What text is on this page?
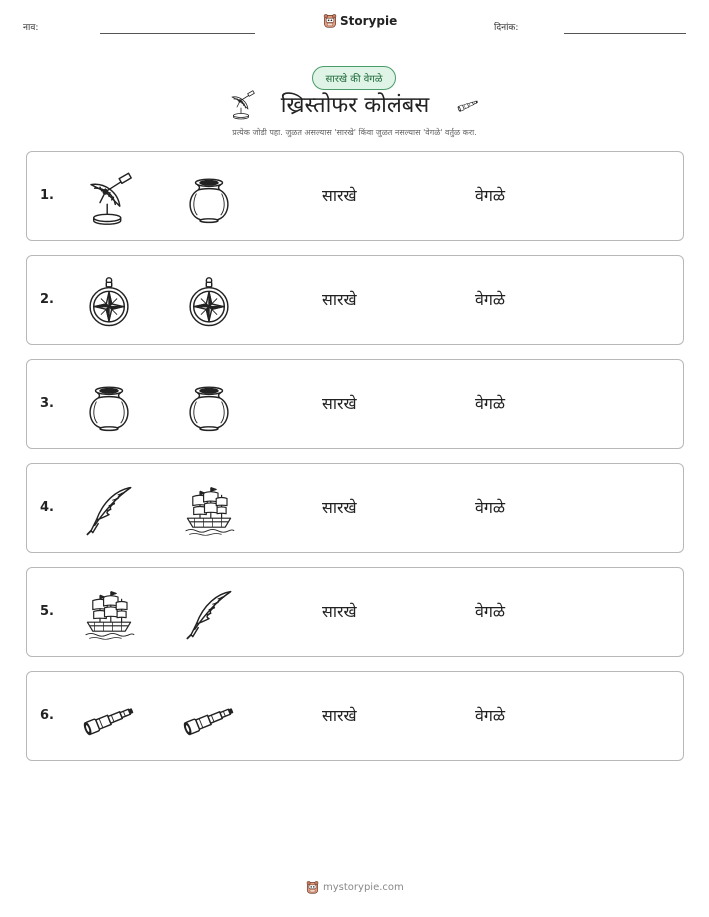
नाव:	Storypie	दिनांक:
सारखे की वेगळे
ख्रिस्तोफर कोलंबस
प्रत्येक जोडी पहा. जुळत असल्यास 'सारखे' किंवा जुळत नसल्यास 'वेगळे' वर्तुळ करा.
1.	सारखे	वेगळे
2.	सारखे	वेगळे
3.	सारखे	वेगळे
4.	सारखे	वेगळे
5.	सारखे	वेगळे
6.	सारखे	वेगळे
mystorypie.com
